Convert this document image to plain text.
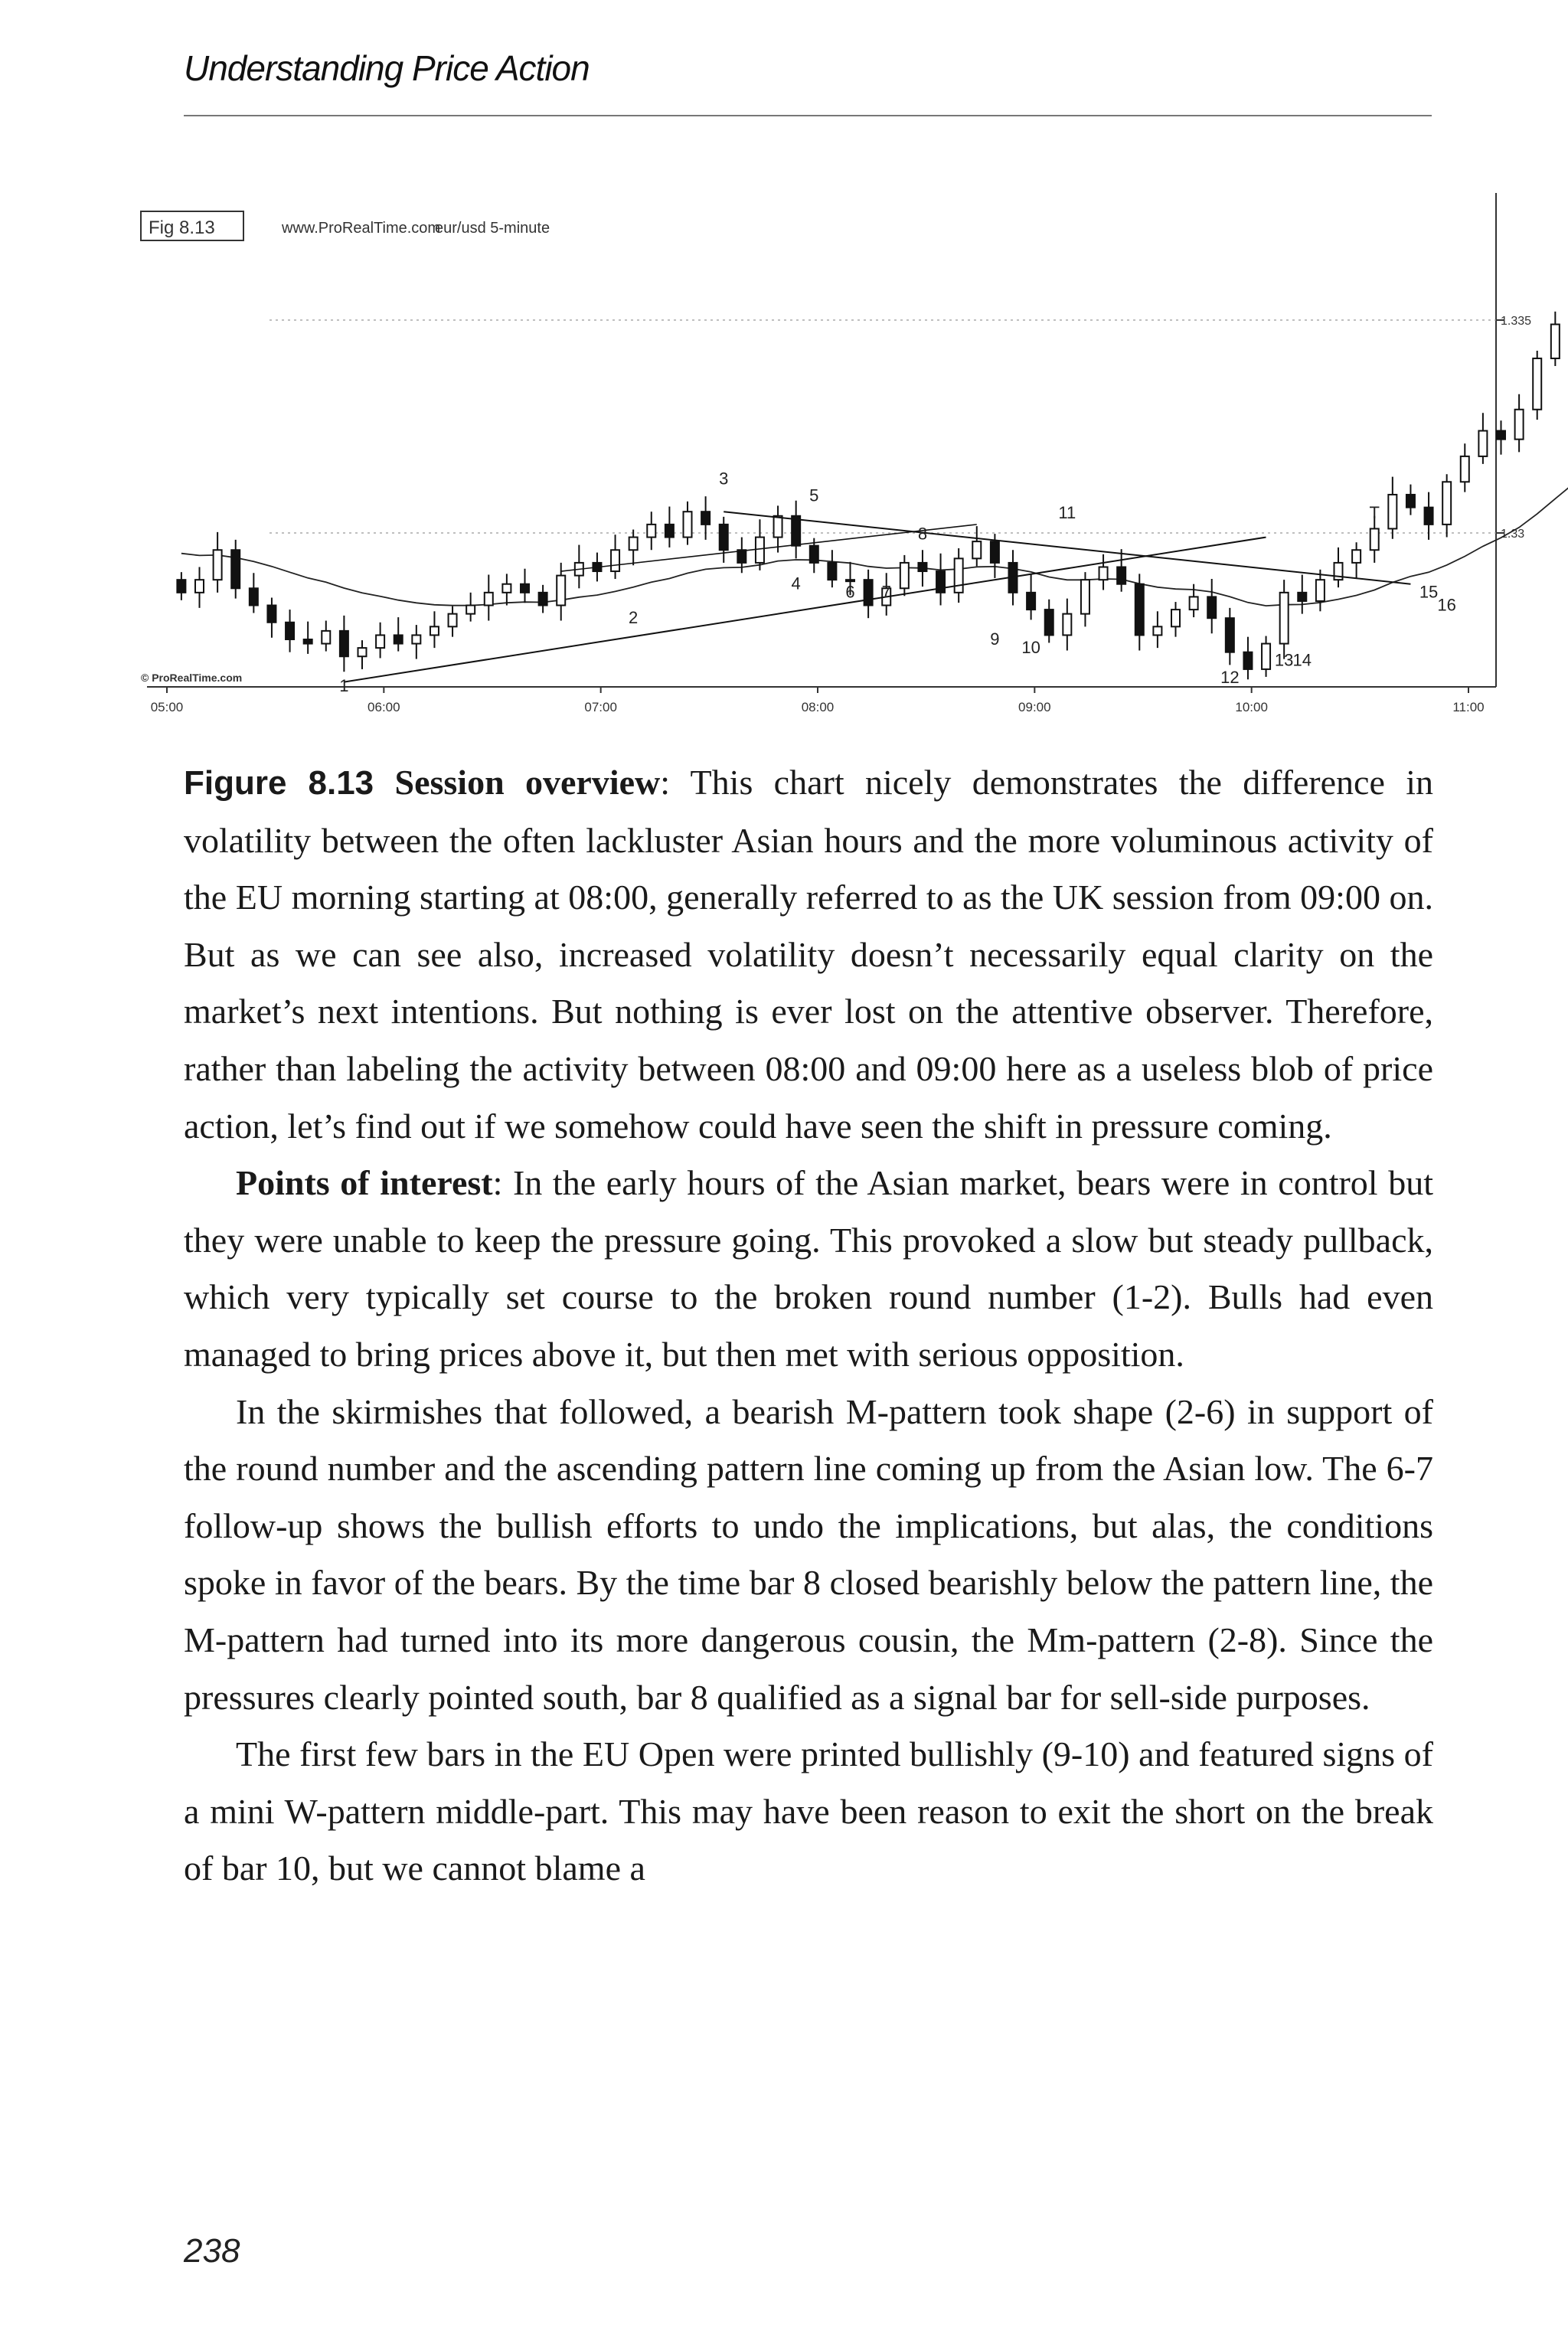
Understanding Price Action
Fig 8.13	www.ProRealTime.com
eur/usd 5-minute
© ProRealTime.com
1.335
1.33
05:00	06:00	07:00	08:00	09:00	10:00	11:00
1
2
3
4
5
6 7
8
9 10
11
12
13 14
15
16
T

Figure 8.13 Session overview: This chart nicely demonstrates the difference in volatility between the often lackluster Asian hours and the more voluminous activity of the EU morning starting at 08:00, generally referred to as the UK session from 09:00 on. But as we can see also, increased volatility doesn’t necessarily equal clarity on the market’s next intentions. But nothing is ever lost on the attentive observer. Therefore, rather than labeling the activity between 08:00 and 09:00 here as a useless blob of price action, let’s find out if we somehow could have seen the shift in pressure coming.

Points of interest: In the early hours of the Asian market, bears were in control but they were unable to keep the pressure going. This provoked a slow but steady pullback, which very typically set course to the broken round number (1-2). Bulls had even managed to bring prices above it, but then met with serious opposition.

In the skirmishes that followed, a bearish M-pattern took shape (2-6) in support of the round number and the ascending pattern line coming up from the Asian low. The 6-7 follow-up shows the bullish efforts to undo the implications, but alas, the conditions spoke in favor of the bears. By the time bar 8 closed bearishly below the pattern line, the M-pattern had turned into its more dangerous cousin, the Mm-pattern (2-8). Since the pressures clearly pointed south, bar 8 qualified as a signal bar for sell-side purposes.

The first few bars in the EU Open were printed bullishly (9-10) and featured signs of a mini W-pattern middle-part. This may have been reason to exit the short on the break of bar 10, but we cannot blame a

238
